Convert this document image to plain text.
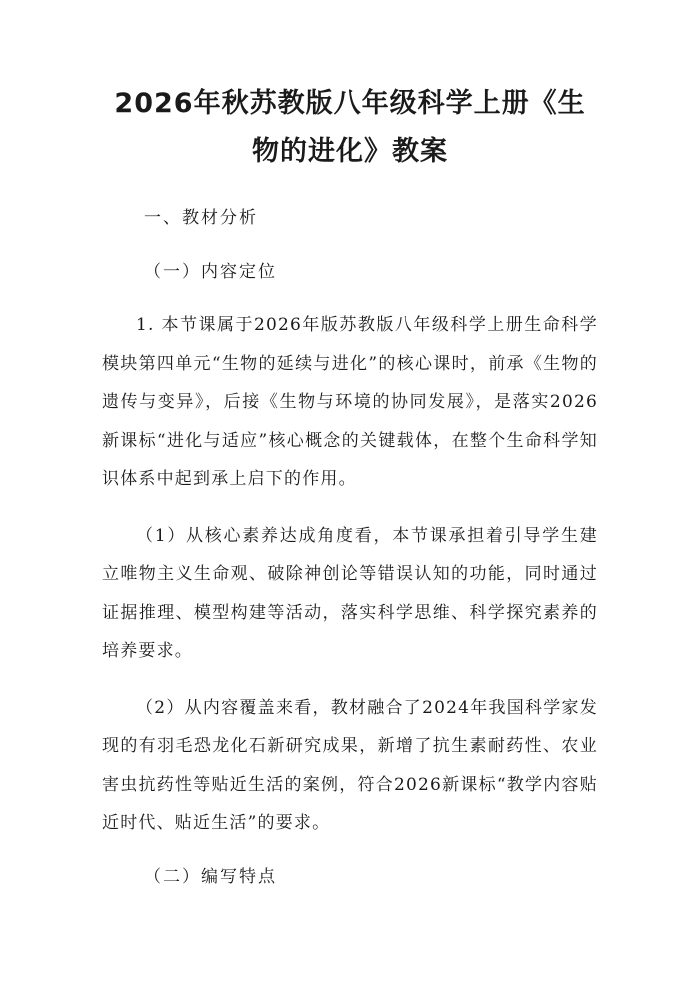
2026年秋苏教版八年级科学上册《生物的进化》教案

一、教材分析

（一）内容定位

1. 本节课属于2026年版苏教版八年级科学上册生命科学模块第四单元“生物的延续与进化”的核心课时，前承《生物的遗传与变异》，后接《生物与环境的协同发展》，是落实2026新课标“进化与适应”核心概念的关键载体，在整个生命科学知识体系中起到承上启下的作用。

（1）从核心素养达成角度看，本节课承担着引导学生建立唯物主义生命观、破除神创论等错误认知的功能，同时通过证据推理、模型构建等活动，落实科学思维、科学探究素养的培养要求。

（2）从内容覆盖来看，教材融合了2024年我国科学家发现的有羽毛恐龙化石新研究成果，新增了抗生素耐药性、农业害虫抗药性等贴近生活的案例，符合2026新课标“教学内容贴近时代、贴近生活”的要求。

（二）编写特点
